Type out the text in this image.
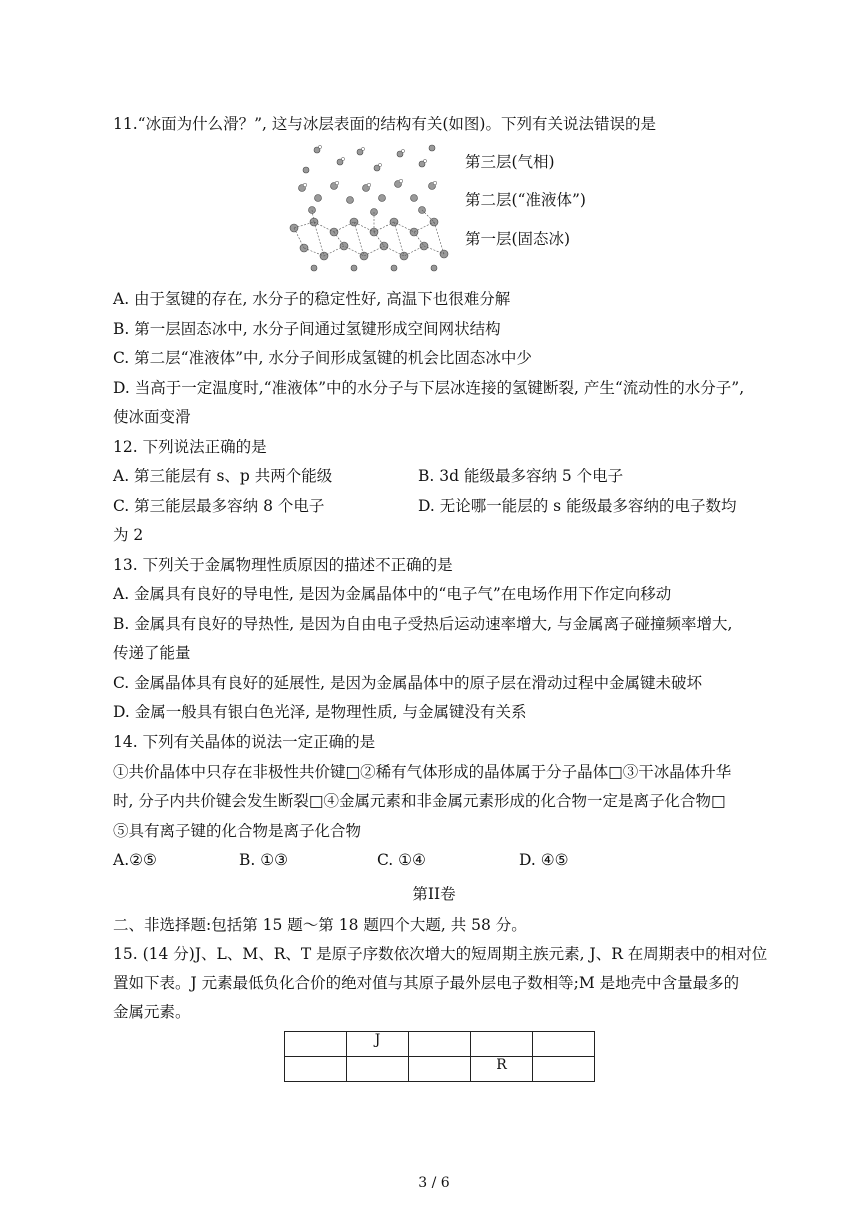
11.“冰面为什么滑？”, 这与冰层表面的结构有关(如图)。下列有关说法错误的是
第三层(气相)
第二层(“准液体”)
第一层(固态冰)
A. 由于氢键的存在, 水分子的稳定性好, 高温下也很难分解
B. 第一层固态冰中, 水分子间通过氢键形成空间网状结构
C. 第二层“准液体”中, 水分子间形成氢键的机会比固态冰中少
D. 当高于一定温度时,“准液体”中的水分子与下层冰连接的氢键断裂, 产生“流动性的水分子”,
使冰面变滑
12. 下列说法正确的是
A. 第三能层有 s、p 共两个能级	B. 3d 能级最多容纳 5 个电子
C. 第三能层最多容纳 8 个电子	D. 无论哪一能层的 s 能级最多容纳的电子数均
为 2
13. 下列关于金属物理性质原因的描述不正确的是
A. 金属具有良好的导电性, 是因为金属晶体中的“电子气”在电场作用下作定向移动
B. 金属具有良好的导热性, 是因为自由电子受热后运动速率增大, 与金属离子碰撞频率增大,
传递了能量
C. 金属晶体具有良好的延展性, 是因为金属晶体中的原子层在滑动过程中金属键未破坏
D. 金属一般具有银白色光泽, 是物理性质, 与金属键没有关系
14. 下列有关晶体的说法一定正确的是
①共价晶体中只存在非极性共价键□②稀有气体形成的晶体属于分子晶体□③干冰晶体升华
时, 分子内共价键会发生断裂□④金属元素和非金属元素形成的化合物一定是离子化合物□
⑤具有离子键的化合物是离子化合物
A.②⑤	B. ①③	C. ①④	D. ④⑤
第II卷
二、非选择题:包括第 15 题～第 18 题四个大题, 共 58 分。
15. (14 分)J、L、M、R、T 是原子序数依次增大的短周期主族元素, J、R 在周期表中的相对位
置如下表。J 元素最低负化合价的绝对值与其原子最外层电子数相等;M 是地壳中含量最多的
金属元素。
	J			
			R	
3 / 6
